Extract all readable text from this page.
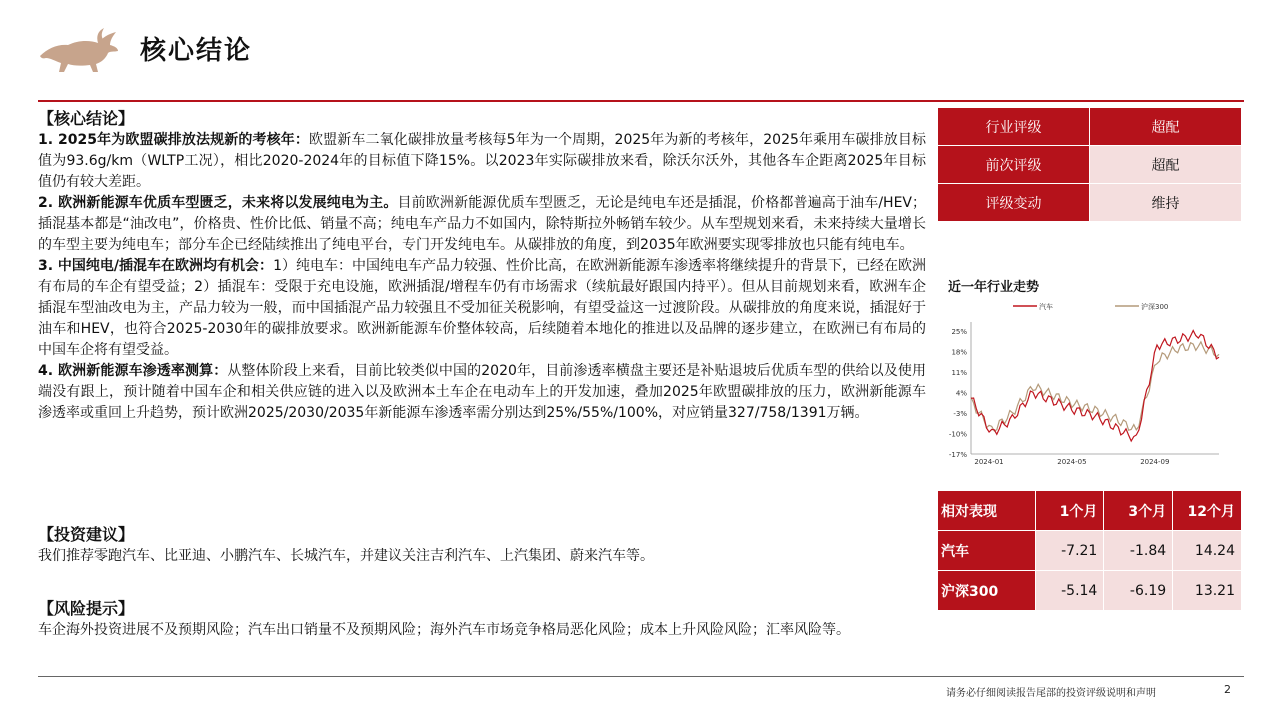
核心结论
【核心结论】
1. 2025年为欧盟碳排放法规新的考核年：欧盟新车二氧化碳排放量考核每5年为一个周期，2025年为新的考核年，2025年乘用车碳排放目标值为93.6g/km（WLTP工况），相比2020-2024年的目标值下降15%。以2023年实际碳排放来看，除沃尔沃外，其他各车企距离2025年目标值仍有较大差距。
2. 欧洲新能源车优质车型匮乏，未来将以发展纯电为主。目前欧洲新能源优质车型匮乏，无论是纯电车还是插混，价格都普遍高于油车/HEV；插混基本都是“油改电”，价格贵、性价比低、销量不高；纯电车产品力不如国内，除特斯拉外畅销车较少。从车型规划来看，未来持续大量增长的车型主要为纯电车；部分车企已经陆续推出了纯电平台，专门开发纯电车。从碳排放的角度，到2035年欧洲要实现零排放也只能有纯电车。
3. 中国纯电/插混车在欧洲均有机会：1）纯电车：中国纯电车产品力较强、性价比高，在欧洲新能源车渗透率将继续提升的背景下，已经在欧洲有布局的车企有望受益；2）插混车：受限于充电设施，欧洲插混/增程车仍有市场需求（续航最好跟国内持平）。但从目前规划来看，欧洲车企插混车型油改电为主，产品力较为一般，而中国插混产品力较强且不受加征关税影响，有望受益这一过渡阶段。从碳排放的角度来说，插混好于油车和HEV，也符合2025-2030年的碳排放要求。欧洲新能源车价整体较高，后续随着本地化的推进以及品牌的逐步建立，在欧洲已有布局的中国车企将有望受益。
4. 欧洲新能源车渗透率测算：从整体阶段上来看，目前比较类似中国的2020年，目前渗透率横盘主要还是补贴退坡后优质车型的供给以及使用端没有跟上，预计随着中国车企和相关供应链的进入以及欧洲本土车企在电动车上的开发加速，叠加2025年欧盟碳排放的压力，欧洲新能源车渗透率或重回上升趋势，预计欧洲2025/2030/2035年新能源车渗透率需分别达到25%/55%/100%，对应销量327/758/1391万辆。
【投资建议】
我们推荐零跑汽车、比亚迪、小鹏汽车、长城汽车，并建议关注吉利汽车、上汽集团、蔚来汽车等。
【风险提示】
车企海外投资进展不及预期风险；汽车出口销量不及预期风险；海外汽车市场竞争格局恶化风险；成本上升风险风险；汇率风险等。
行业评级	超配
前次评级	超配
评级变动	维持
近一年行业走势
25%
18%
11%
4%
-3%
-10%
-17%
2024-01	2024-05	2024-09
汽车	沪深300
相对表现	1个月	3个月	12个月
汽车	-7.21	-1.84	14.24
沪深300	-5.14	-6.19	13.21
请务必仔细阅读报告尾部的投资评级说明和声明	2
